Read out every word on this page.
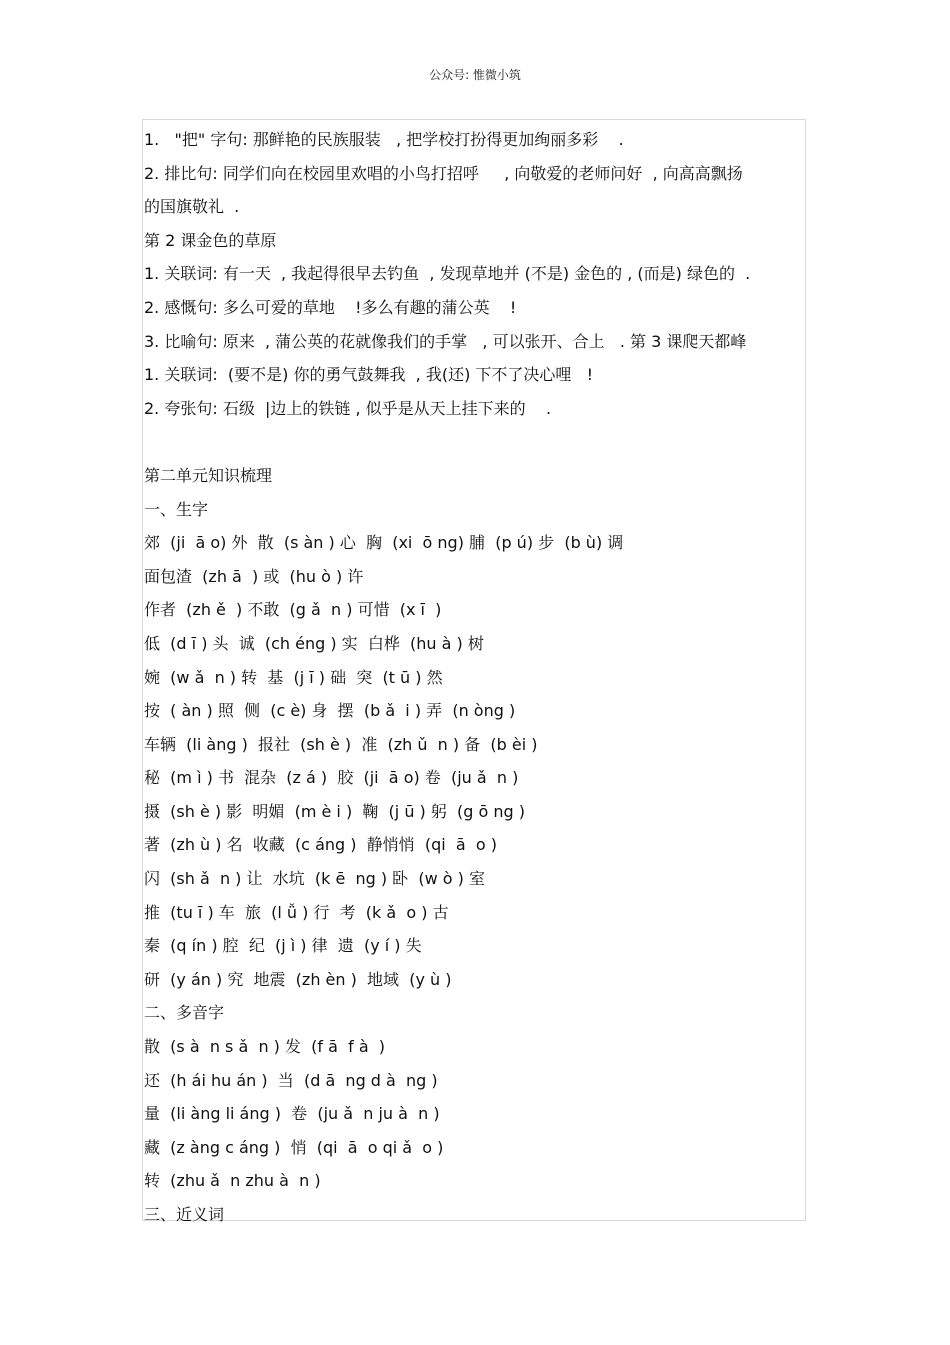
公众号: 惟微小筑
1.   "把" 字句: 那鲜艳的民族服装   , 把学校打扮得更加绚丽多彩    .
2. 排比句: 同学们向在校园里欢唱的小鸟打招呼     , 向敬爱的老师问好  , 向高高飘扬
的国旗敬礼  .
第 2 课金色的草原
1. 关联词: 有一天  , 我起得很早去钓鱼  , 发现草地并 (不是) 金色的 , (而是) 绿色的  .
2. 感慨句: 多么可爱的草地    !多么有趣的蒲公英    !
3. 比喻句: 原来  , 蒲公英的花就像我们的手掌   , 可以张开、合上   . 第 3 课爬天都峰
1. 关联词:  (要不是) 你的勇气鼓舞我  , 我(还) 下不了决心哩   !
2. 夸张句: 石级  |边上的铁链 , 似乎是从天上挂下来的    .
第二单元知识梳理
一、生字
郊  (ji  ā o) 外  散  (s àn ) 心  胸  (xi  ō ng) 脯  (p ú) 步  (b ù) 调
面包渣  (zh ā  ) 或  (hu ò ) 许
作者  (zh ě  ) 不敢  (g ǎ  n ) 可惜  (x ī  )
低  (d ī ) 头  诚  (ch éng ) 实  白桦  (hu à ) 树
婉  (w ǎ  n ) 转  基  (j ī ) 础  突  (t ū ) 然
按  ( àn ) 照  侧  (c è) 身  摆  (b ǎ  i ) 弄  (n òng )
车辆  (li àng )  报社  (sh è )  准  (zh ǔ  n ) 备  (b èi )
秘  (m ì ) 书  混杂  (z á )  胶  (ji  ā o) 卷  (ju ǎ  n )
摄  (sh è ) 影  明媚  (m è i )  鞠  (j ū ) 躬  (g ō ng )
著  (zh ù ) 名  收藏  (c áng )  静悄悄  (qi  ā  o )
闪  (sh ǎ  n ) 让  水坑  (k ē  ng ) 卧  (w ò ) 室
推  (tu ī ) 车  旅  (l ǚ ) 行  考  (k ǎ  o ) 古
秦  (q ín ) 腔  纪  (j ì ) 律  遗  (y í ) 失
研  (y án ) 究  地震  (zh èn )  地域  (y ù )
二、多音字
散  (s à  n s ǎ  n ) 发  (f ā  f à  )
还  (h ái hu án )  当  (d ā  ng d à  ng )
量  (li àng li áng )  卷  (ju ǎ  n ju à  n )
藏  (z àng c áng )  悄  (qi  ā  o qi ǎ  o )
转  (zhu ǎ  n zhu à  n )
三、近义词
